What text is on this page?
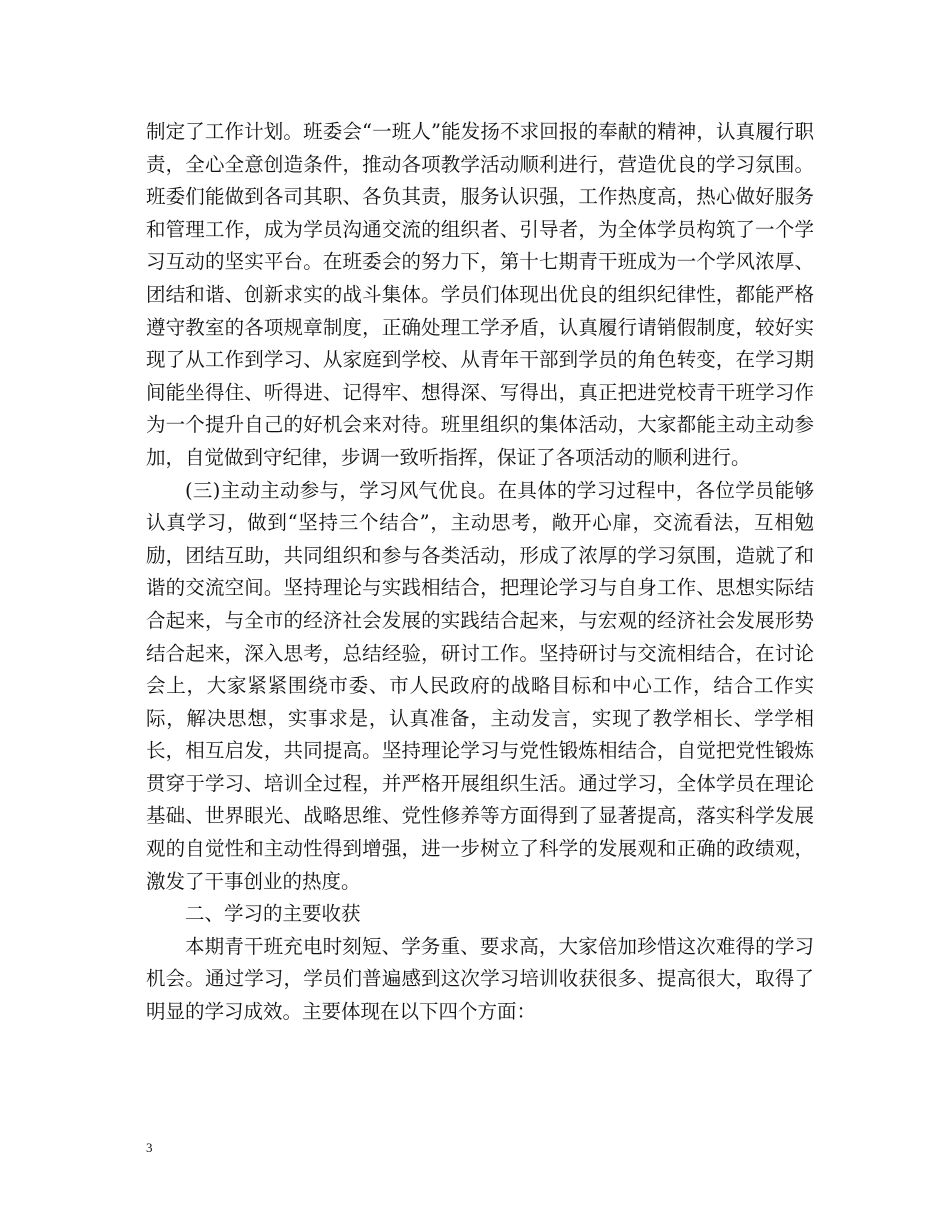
制定了工作计划。班委会“一班人”能发扬不求回报的奉献的精神，认真履行职责，全心全意创造条件，推动各项教学活动顺利进行，营造优良的学习氛围。班委们能做到各司其职、各负其责，服务认识强，工作热度高，热心做好服务和管理工作，成为学员沟通交流的组织者、引导者，为全体学员构筑了一个学习互动的坚实平台。在班委会的努力下，第十七期青干班成为一个学风浓厚、团结和谐、创新求实的战斗集体。学员们体现出优良的组织纪律性，都能严格遵守教室的各项规章制度，正确处理工学矛盾，认真履行请销假制度，较好实现了从工作到学习、从家庭到学校、从青年干部到学员的角色转变，在学习期间能坐得住、听得进、记得牢、想得深、写得出，真正把进党校青干班学习作为一个提升自己的好机会来对待。班里组织的集体活动，大家都能主动主动参加，自觉做到守纪律，步调一致听指挥，保证了各项活动的顺利进行。

(三)主动主动参与，学习风气优良。在具体的学习过程中，各位学员能够认真学习，做到“坚持三个结合”，主动思考，敞开心扉，交流看法，互相勉励，团结互助，共同组织和参与各类活动，形成了浓厚的学习氛围，造就了和谐的交流空间。坚持理论与实践相结合，把理论学习与自身工作、思想实际结合起来，与全市的经济社会发展的实践结合起来，与宏观的经济社会发展形势结合起来，深入思考，总结经验，研讨工作。坚持研讨与交流相结合，在讨论会上，大家紧紧围绕市委、市人民政府的战略目标和中心工作，结合工作实际，解决思想，实事求是，认真准备，主动发言，实现了教学相长、学学相长，相互启发，共同提高。坚持理论学习与党性锻炼相结合，自觉把党性锻炼贯穿于学习、培训全过程，并严格开展组织生活。通过学习，全体学员在理论基础、世界眼光、战略思维、党性修养等方面得到了显著提高，落实科学发展观的自觉性和主动性得到增强，进一步树立了科学的发展观和正确的政绩观，激发了干事创业的热度。

二、学习的主要收获

本期青干班充电时刻短、学务重、要求高，大家倍加珍惜这次难得的学习机会。通过学习，学员们普遍感到这次学习培训收获很多、提高很大，取得了明显的学习成效。主要体现在以下四个方面：

3
